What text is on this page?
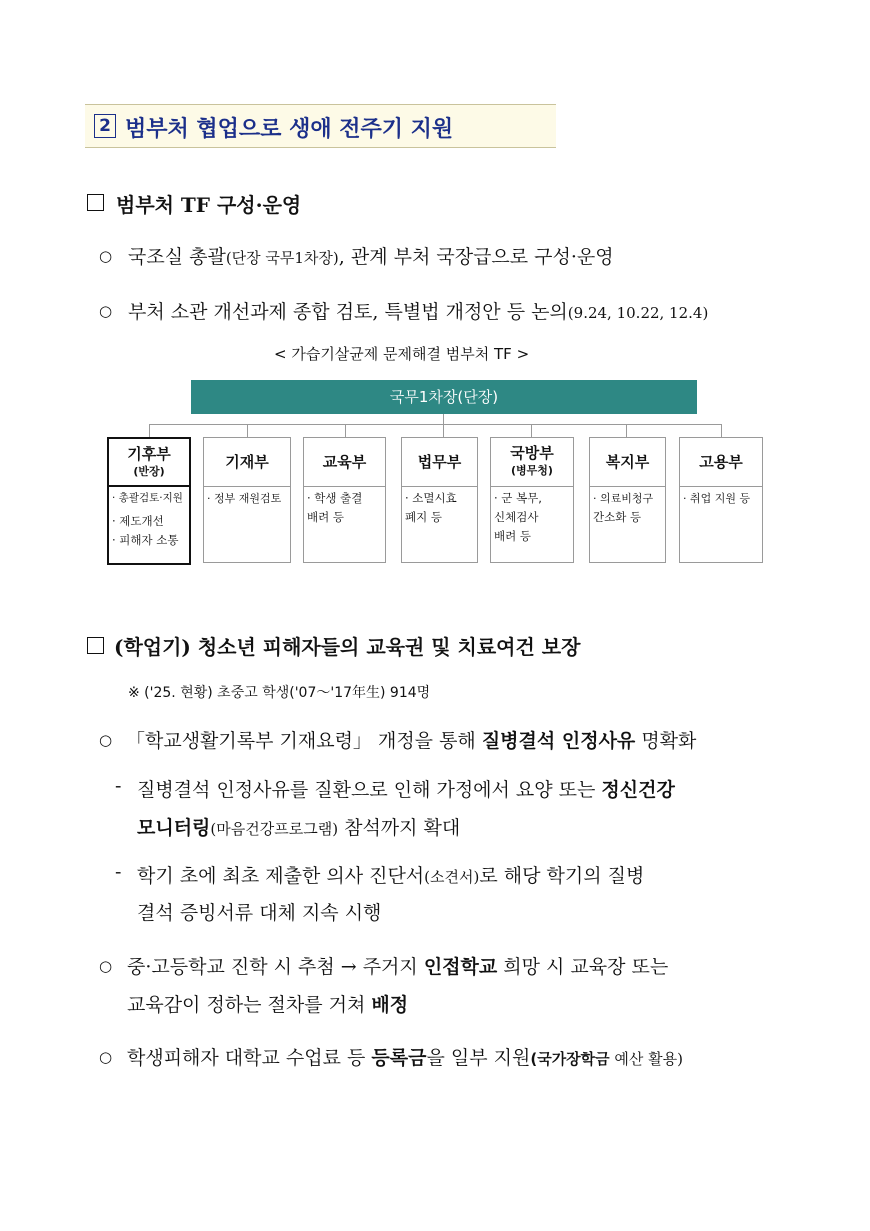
2 범부처 협업으로 생애 전주기 지원
범부처 TF 구성·운영
○ 국조실 총괄(단장 국무1차장), 관계 부처 국장급으로 구성·운영
○ 부처 소관 개선과제 종합 검토, 특별법 개정안 등 논의(9.24, 10.22, 12.4)
< 가습기살균제 문제해결 범부처 TF >
국무1차장(단장)
기후부
(반장)
· 총괄검토·지원
· 제도개선
· 피해자 소통
기재부
· 정부 재원검토
교육부
· 학생 출결
배려 등
법무부
· 소멸시효
폐지 등
국방부
(병무청)
· 군 복무,
신체검사
배려 등
복지부
· 의료비청구
간소화 등
고용부
· 취업 지원 등
(학업기) 청소년 피해자들의 교육권 및 치료여건 보장
※ ('25. 현황) 초중고 학생('07～'17年生) 914명
○ 「학교생활기록부 기재요령」 개정을 통해 질병결석 인정사유 명확화
- 질병결석 인정사유를 질환으로 인해 가정에서 요양 또는 정신건강
모니터링(마음건강프로그램) 참석까지 확대
- 학기 초에 최초 제출한 의사 진단서(소견서)로 해당 학기의 질병
결석 증빙서류 대체 지속 시행
○ 중·고등학교 진학 시 추첨 → 주거지 인접학교 희망 시 교육장 또는
교육감이 정하는 절차를 거쳐 배정
○ 학생피해자 대학교 수업료 등 등록금을 일부 지원(국가장학금 예산 활용)
